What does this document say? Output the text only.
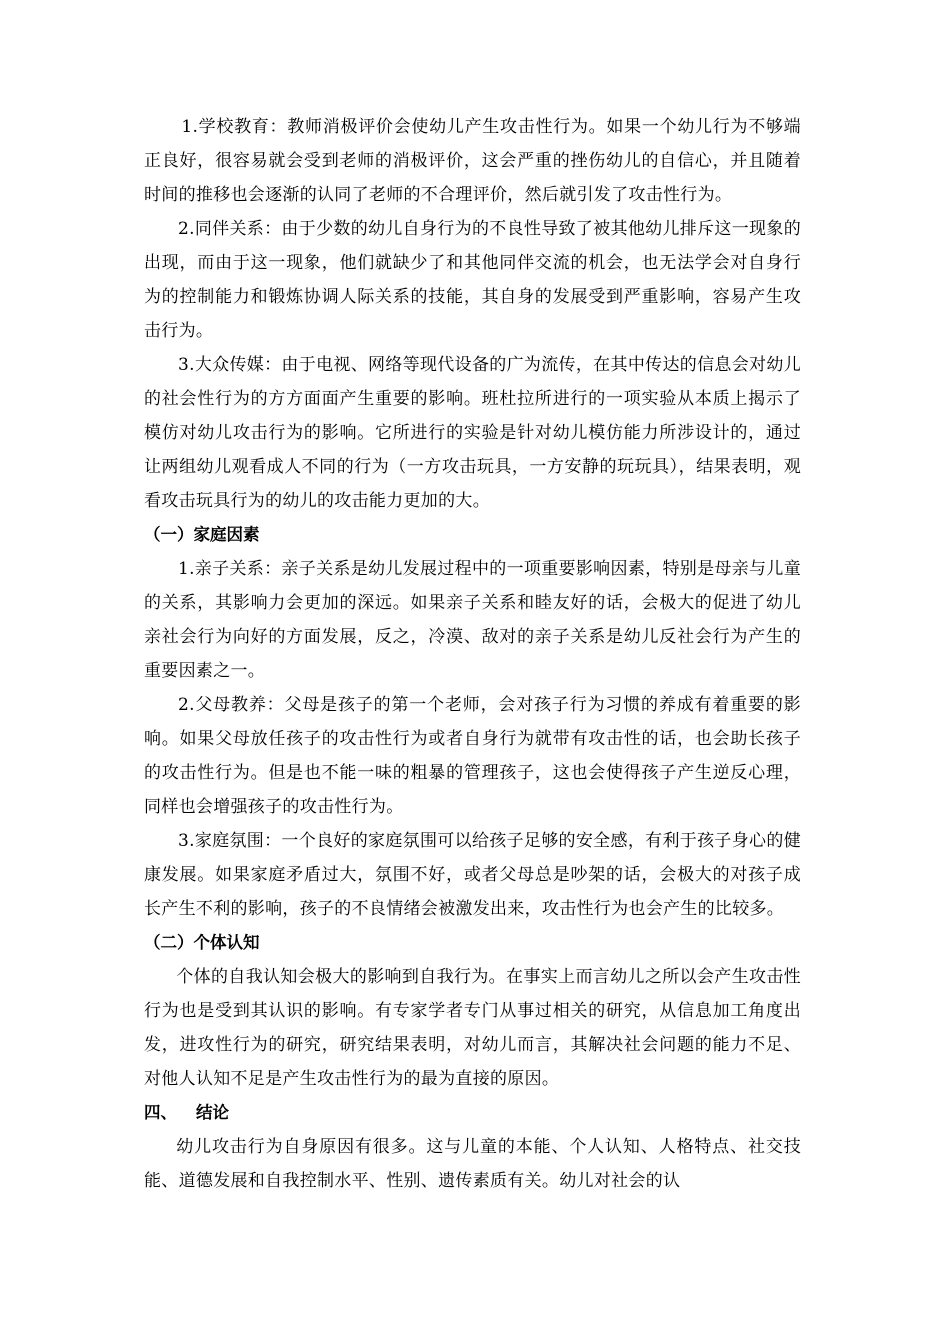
1.学校教育：教师消极评价会使幼儿产生攻击性行为。如果一个幼儿行为不够端正良好，很容易就会受到老师的消极评价，这会严重的挫伤幼儿的自信心，并且随着时间的推移也会逐渐的认同了老师的不合理评价，然后就引发了攻击性行为。

2.同伴关系：由于少数的幼儿自身行为的不良性导致了被其他幼儿排斥这一现象的出现，而由于这一现象，他们就缺少了和其他同伴交流的机会，也无法学会对自身行为的控制能力和锻炼协调人际关系的技能，其自身的发展受到严重影响，容易产生攻击行为。

3.大众传媒：由于电视、网络等现代设备的广为流传，在其中传达的信息会对幼儿的社会性行为的方方面面产生重要的影响。班杜拉所进行的一项实验从本质上揭示了模仿对幼儿攻击行为的影响。它所进行的实验是针对幼儿模仿能力所涉设计的，通过让两组幼儿观看成人不同的行为（一方攻击玩具，一方安静的玩玩具），结果表明，观看攻击玩具行为的幼儿的攻击能力更加的大。

（一）家庭因素

1.亲子关系：亲子关系是幼儿发展过程中的一项重要影响因素，特别是母亲与儿童的关系，其影响力会更加的深远。如果亲子关系和睦友好的话，会极大的促进了幼儿亲社会行为向好的方面发展，反之，冷漠、敌对的亲子关系是幼儿反社会行为产生的重要因素之一。

2.父母教养：父母是孩子的第一个老师，会对孩子行为习惯的养成有着重要的影响。如果父母放任孩子的攻击性行为或者自身行为就带有攻击性的话，也会助长孩子的攻击性行为。但是也不能一味的粗暴的管理孩子，这也会使得孩子产生逆反心理，同样也会增强孩子的攻击性行为。

3.家庭氛围：一个良好的家庭氛围可以给孩子足够的安全感，有利于孩子身心的健康发展。如果家庭矛盾过大，氛围不好，或者父母总是吵架的话，会极大的对孩子成长产生不利的影响，孩子的不良情绪会被激发出来，攻击性行为也会产生的比较多。

（二）个体认知

个体的自我认知会极大的影响到自我行为。在事实上而言幼儿之所以会产生攻击性行为也是受到其认识的影响。有专家学者专门从事过相关的研究，从信息加工角度出发，进攻性行为的研究，研究结果表明，对幼儿而言，其解决社会问题的能力不足、对他人认知不足是产生攻击性行为的最为直接的原因。

四、 结论

幼儿攻击行为自身原因有很多。这与儿童的本能、个人认知、人格特点、社交技能、道德发展和自我控制水平、性别、遗传素质有关。幼儿对社会的认
